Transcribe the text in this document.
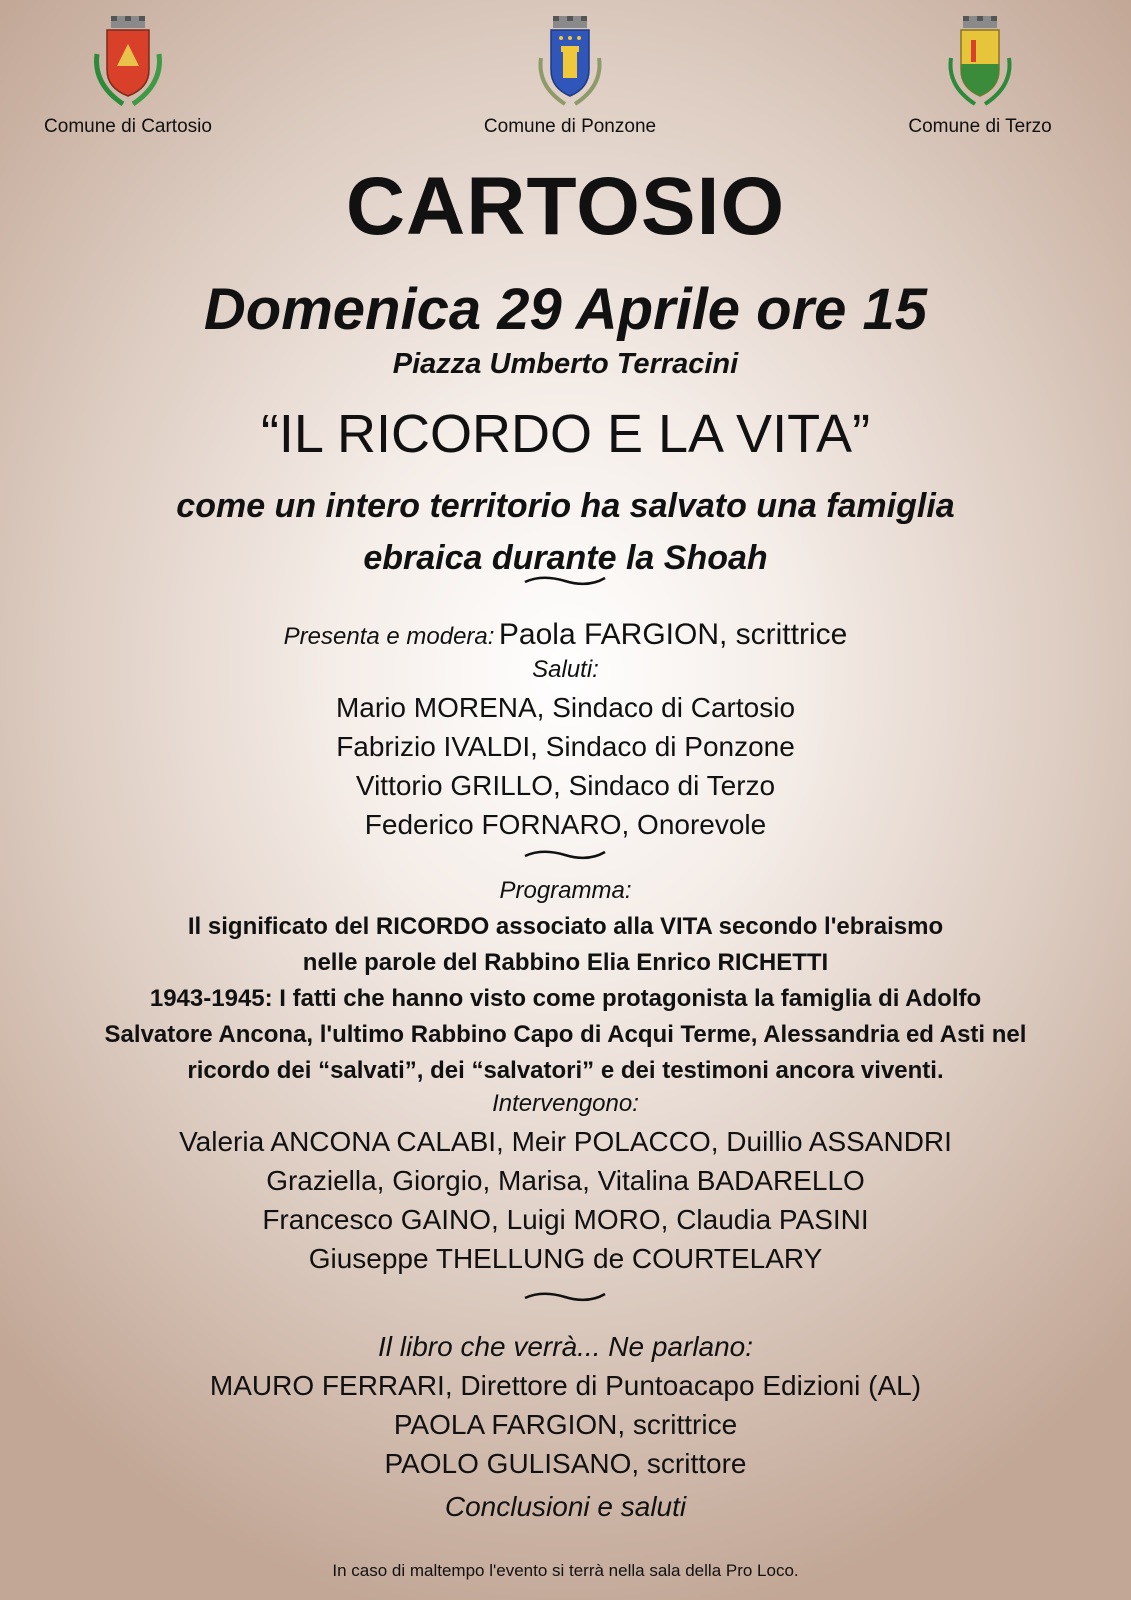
Comune di Cartosio	Comune di Ponzone	Comune di Terzo
CARTOSIO
Domenica 29 Aprile ore 15
Piazza Umberto Terracini
“IL RICORDO E LA VITA”
come un intero territorio ha salvato una famiglia
ebraica durante la Shoah

Presenta e modera: Paola FARGION, scrittrice

Saluti:

Mario MORENA, Sindaco di Cartosio

Fabrizio IVALDI, Sindaco di Ponzone

Vittorio GRILLO, Sindaco di Terzo

Federico FORNARO, Onorevole

Programma:

Il significato del RICORDO associato alla VITA secondo l'ebraismo

nelle parole del Rabbino Elia Enrico RICHETTI

1943-1945: I fatti che hanno visto come protagonista la famiglia di Adolfo

Salvatore Ancona, l'ultimo Rabbino Capo di Acqui Terme, Alessandria ed Asti nel

ricordo dei “salvati”, dei “salvatori” e dei testimoni ancora viventi.

Intervengono:

Valeria ANCONA CALABI, Meir POLACCO, Duillio ASSANDRI

Graziella, Giorgio, Marisa, Vitalina BADARELLO

Francesco GAINO, Luigi MORO, Claudia PASINI

Giuseppe THELLUNG de COURTELARY

Il libro che verrà... Ne parlano:

MAURO FERRARI, Direttore di Puntoacapo Edizioni (AL)

PAOLA FARGION, scrittrice

PAOLO GULISANO, scrittore

Conclusioni e saluti

In caso di maltempo l'evento si terrà nella sala della Pro Loco.
